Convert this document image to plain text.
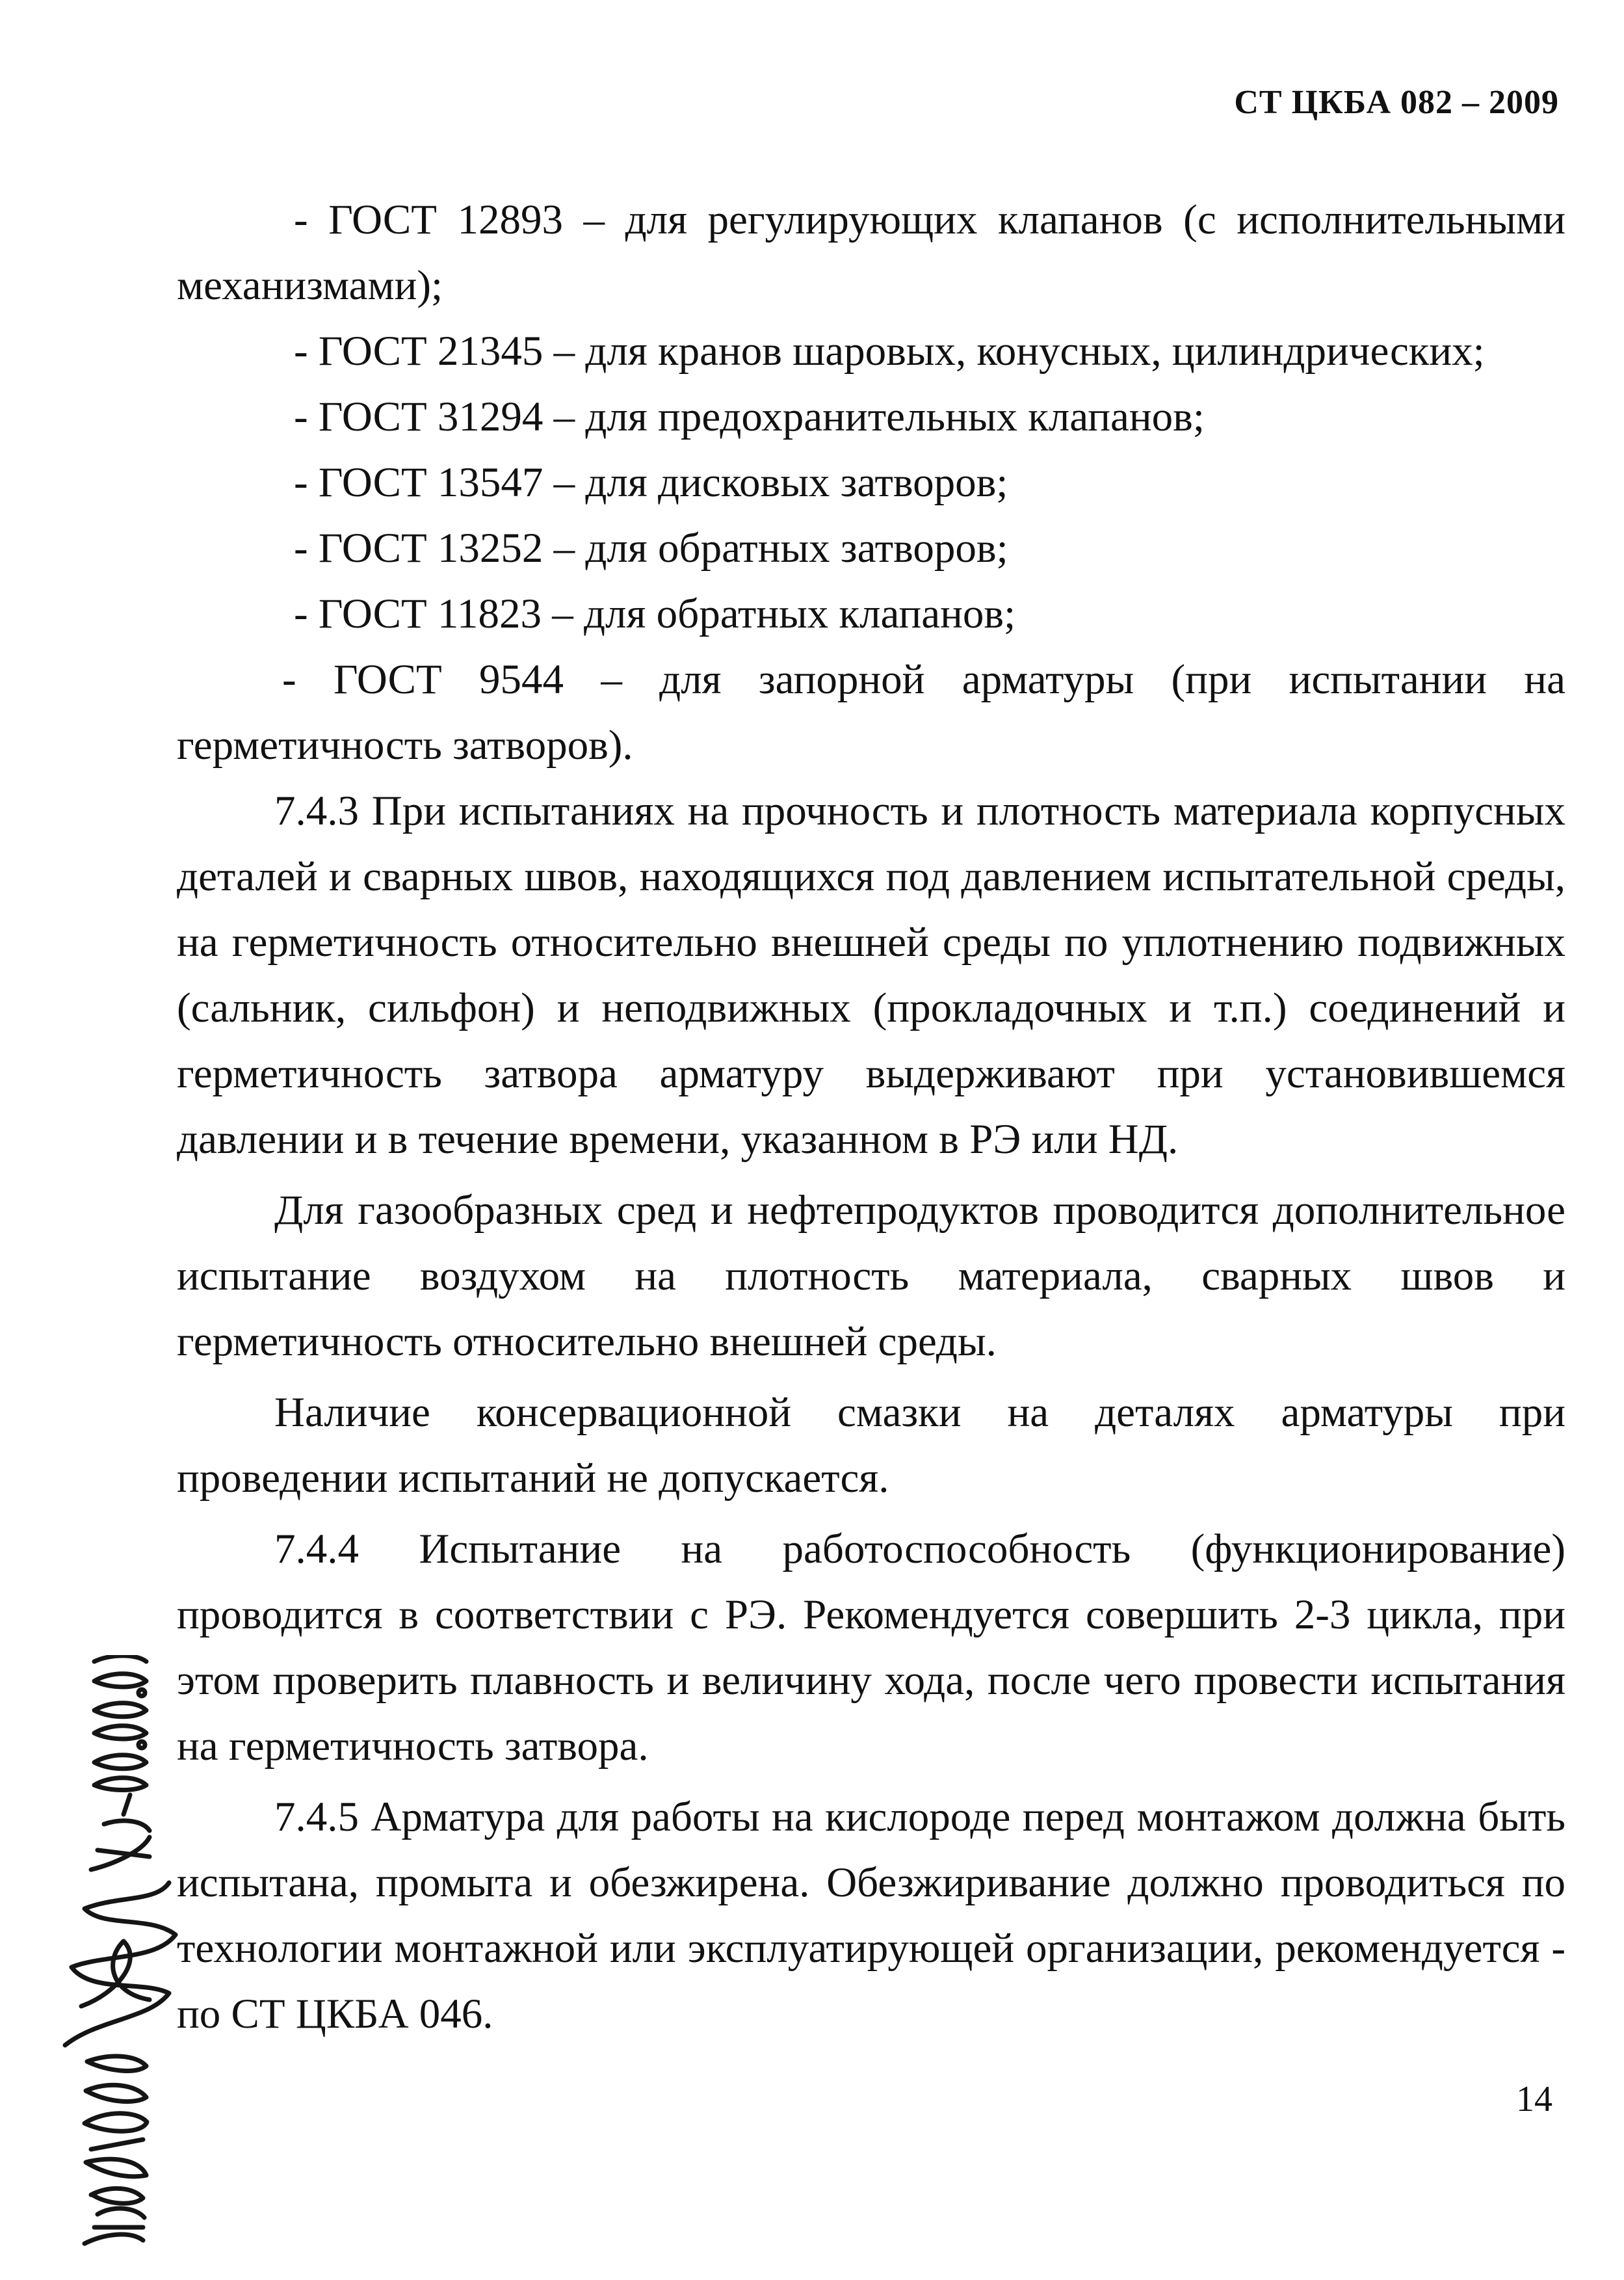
СТ ЦКБА 082 – 2009

- ГОСТ 12893 – для регулирующих клапанов (с исполнительными механизмами);

- ГОСТ 21345 – для кранов шаровых, конусных, цилиндрических;

- ГОСТ 31294 – для предохранительных клапанов;

- ГОСТ 13547 – для дисковых затворов;

- ГОСТ 13252 – для обратных затворов;

- ГОСТ 11823 – для обратных клапанов;

- ГОСТ 9544 – для запорной арматуры (при испытании на герметичность затворов).

7.4.3 При испытаниях на прочность и плотность материала корпусных деталей и сварных швов, находящихся под давлением испытательной среды, на герметичность относительно внешней среды по уплотнению подвижных (сальник, сильфон) и неподвижных (прокладочных и т.п.) соединений и герметичность затвора арматуру выдерживают при установившемся давлении и в течение времени, указанном в РЭ или НД.

Для газообразных сред и нефтепродуктов проводится дополнительное испытание воздухом на плотность материала, сварных швов и герметичность относительно внешней среды.

Наличие консервационной смазки на деталях арматуры при проведении испытаний не допускается.

7.4.4 Испытание на работоспособность (функционирование) проводится в соответствии с РЭ. Рекомендуется совершить 2-3 цикла, при этом проверить плавность и величину хода, после чего провести испытания на герметичность затвора.

7.4.5 Арматура для работы на кислороде перед монтажом должна быть испытана, промыта и обезжирена. Обезжиривание должно проводиться по технологии монтажной или эксплуатирующей организации, рекомендуется - по СТ ЦКБА 046.

14
